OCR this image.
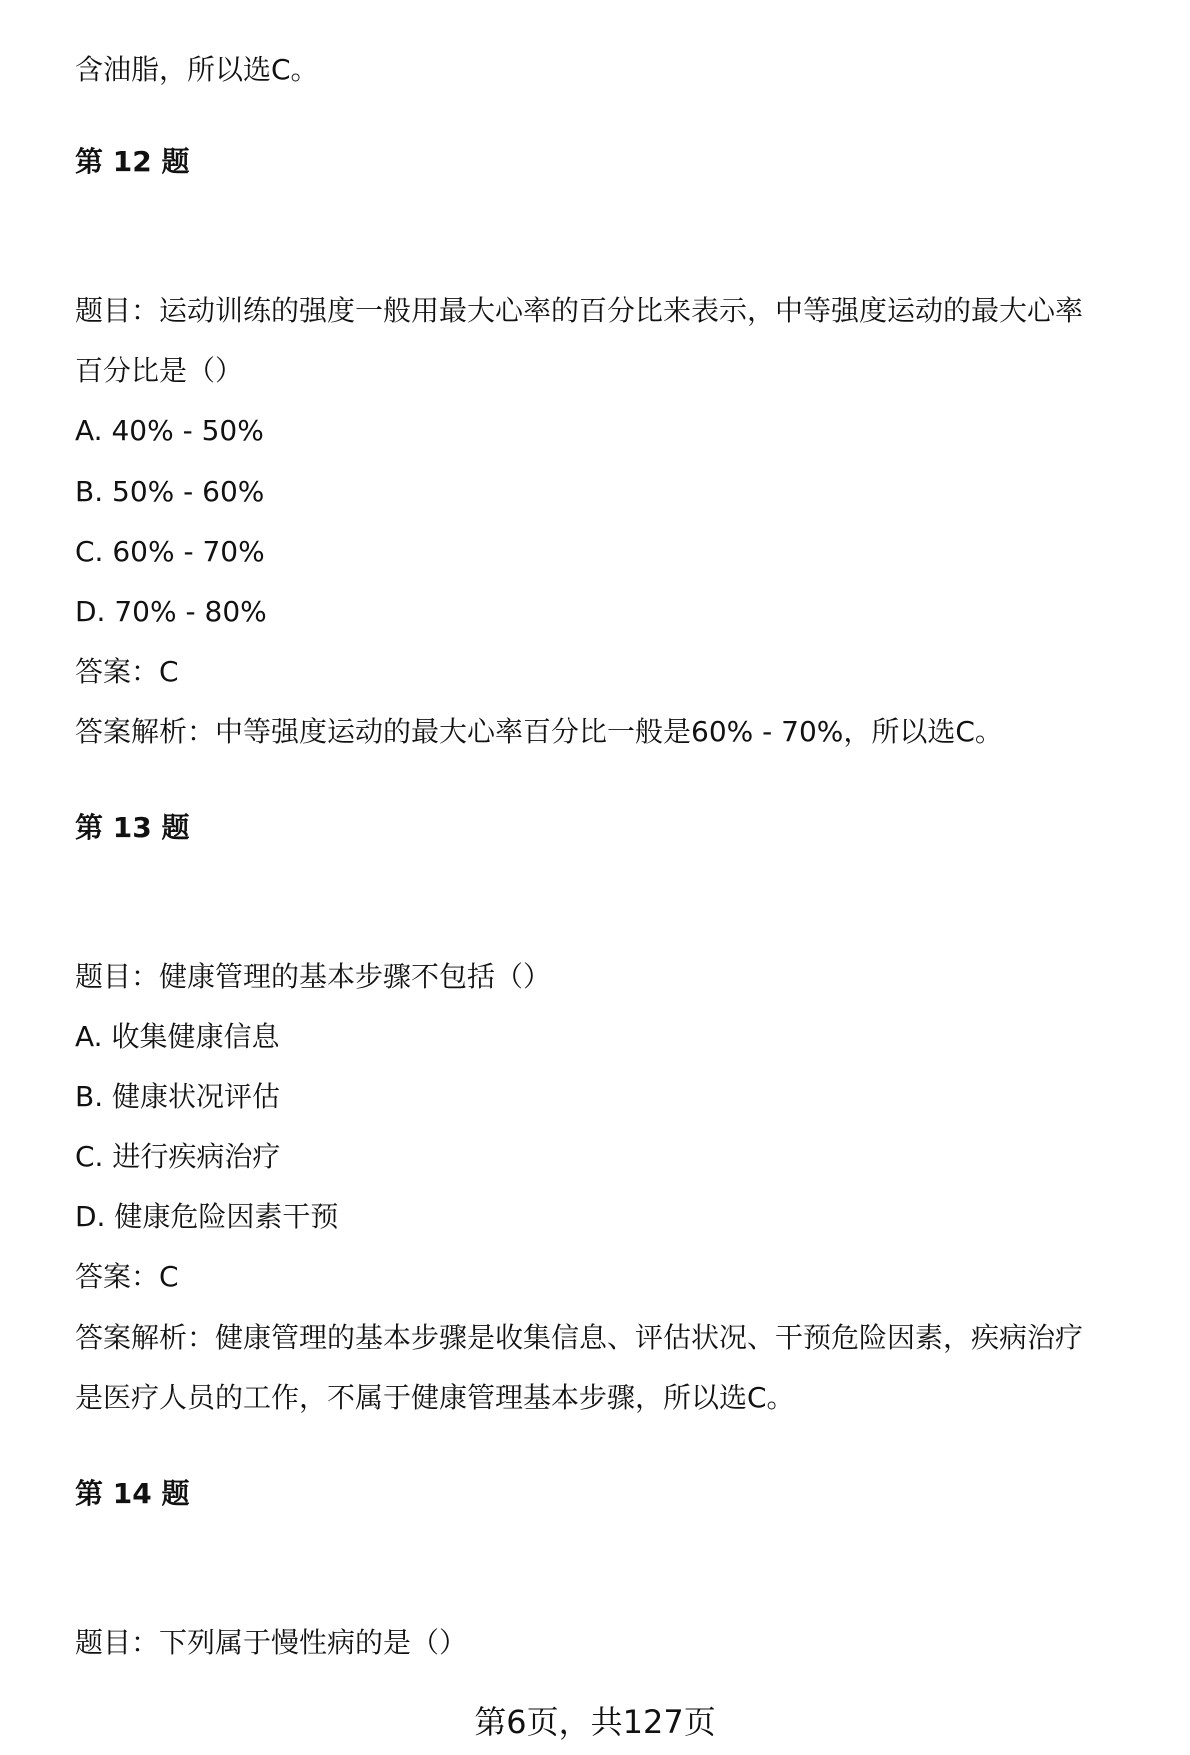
含油脂，所以选C。
第 12 题
题目：运动训练的强度一般用最大心率的百分比来表示，中等强度运动的最大心率
百分比是（）
A. 40% - 50%
B. 50% - 60%
C. 60% - 70%
D. 70% - 80%
答案：C
答案解析：中等强度运动的最大心率百分比一般是60% - 70%，所以选C。
第 13 题
题目：健康管理的基本步骤不包括（）
A. 收集健康信息
B. 健康状况评估
C. 进行疾病治疗
D. 健康危险因素干预
答案：C
答案解析：健康管理的基本步骤是收集信息、评估状况、干预危险因素，疾病治疗
是医疗人员的工作，不属于健康管理基本步骤，所以选C。
第 14 题
题目：下列属于慢性病的是（）
第6页，共127页
